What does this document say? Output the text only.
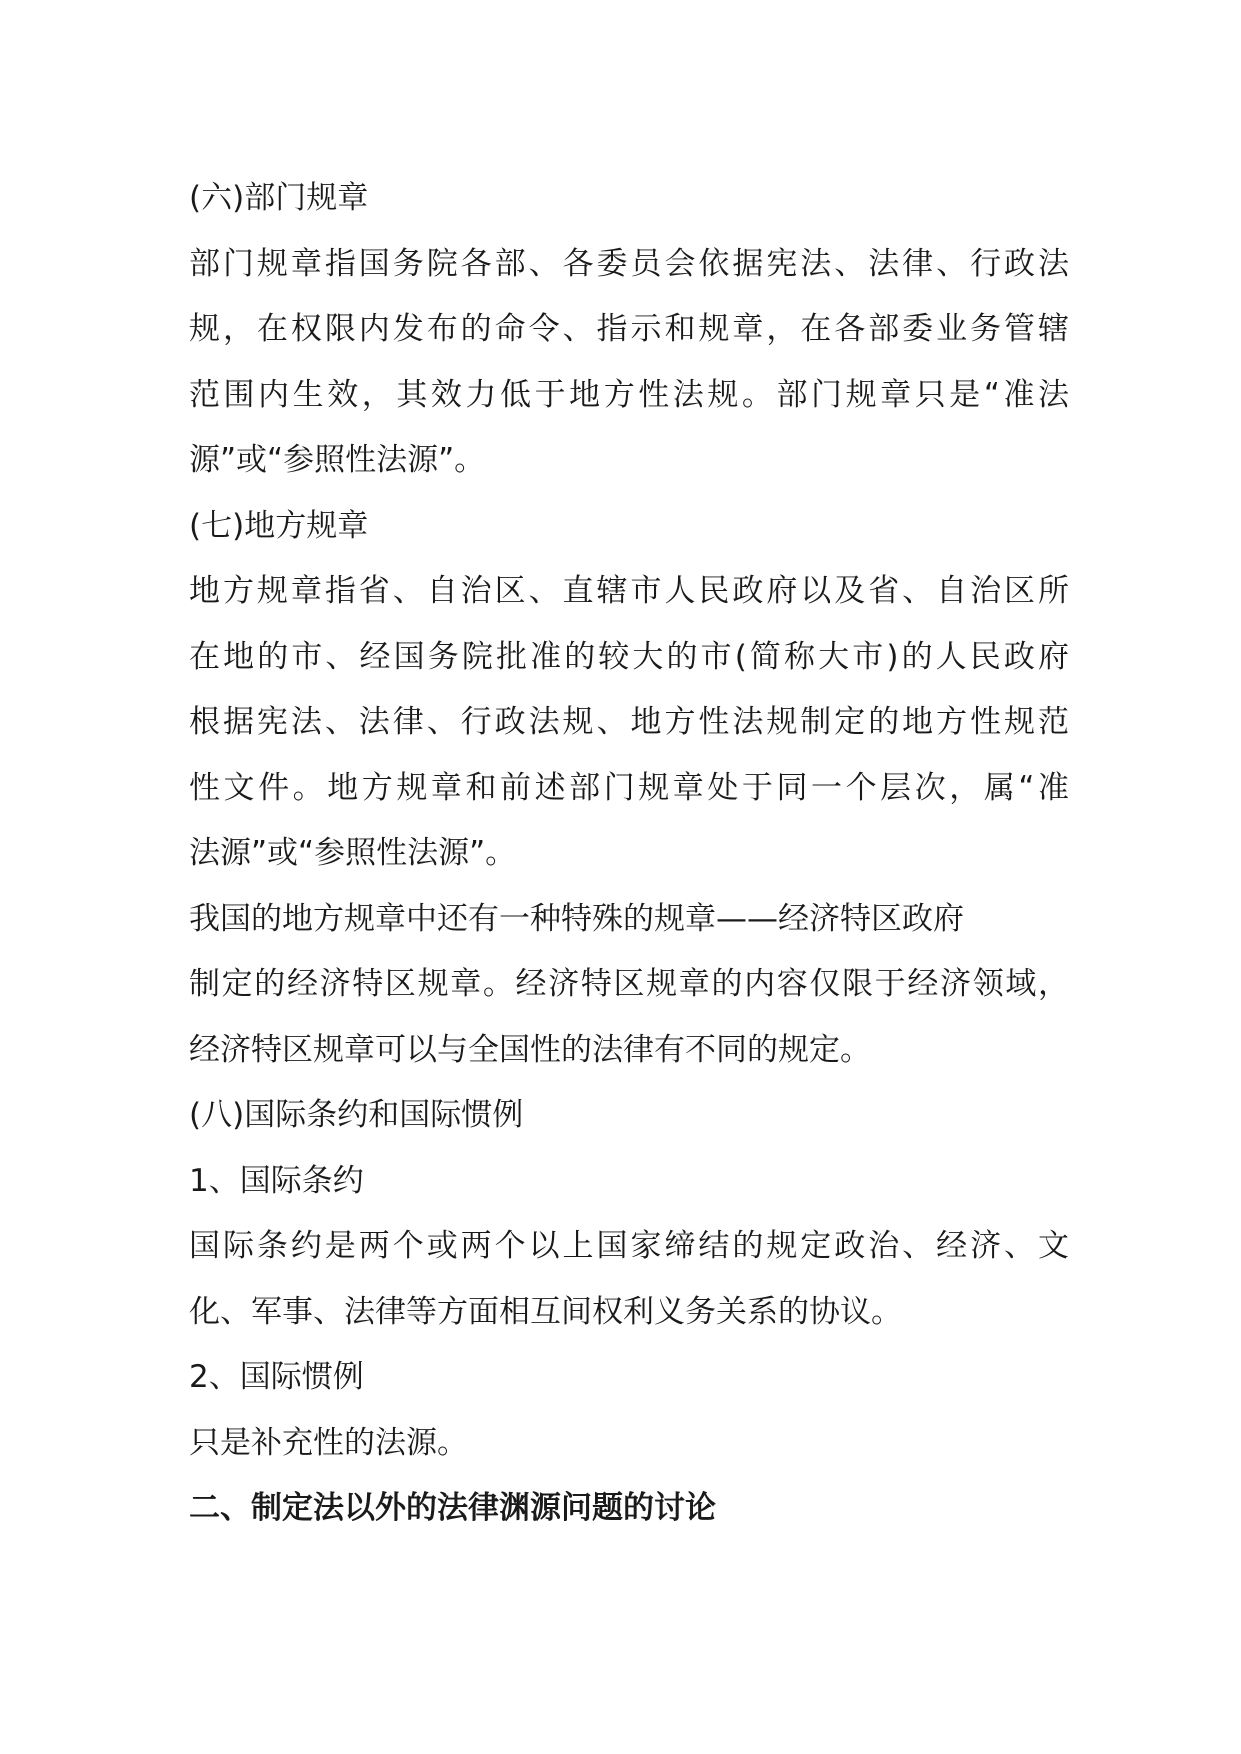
(六)部门规章
部门规章指国务院各部、各委员会依据宪法、法律、行政法
规，在权限内发布的命令、指示和规章，在各部委业务管辖
范围内生效，其效力低于地方性法规。部门规章只是“准法
源”或“参照性法源”。
(七)地方规章
地方规章指省、自治区、直辖市人民政府以及省、自治区所
在地的市、经国务院批准的较大的市(简称大市)的人民政府
根据宪法、法律、行政法规、地方性法规制定的地方性规范
性文件。地方规章和前述部门规章处于同一个层次，属“准
法源”或“参照性法源”。
我国的地方规章中还有一种特殊的规章——经济特区政府
制定的经济特区规章。经济特区规章的内容仅限于经济领域，
经济特区规章可以与全国性的法律有不同的规定。
(八)国际条约和国际惯例
1、国际条约
国际条约是两个或两个以上国家缔结的规定政治、经济、文
化、军事、法律等方面相互间权利义务关系的协议。
2、国际惯例
只是补充性的法源。
二、制定法以外的法律渊源问题的讨论
